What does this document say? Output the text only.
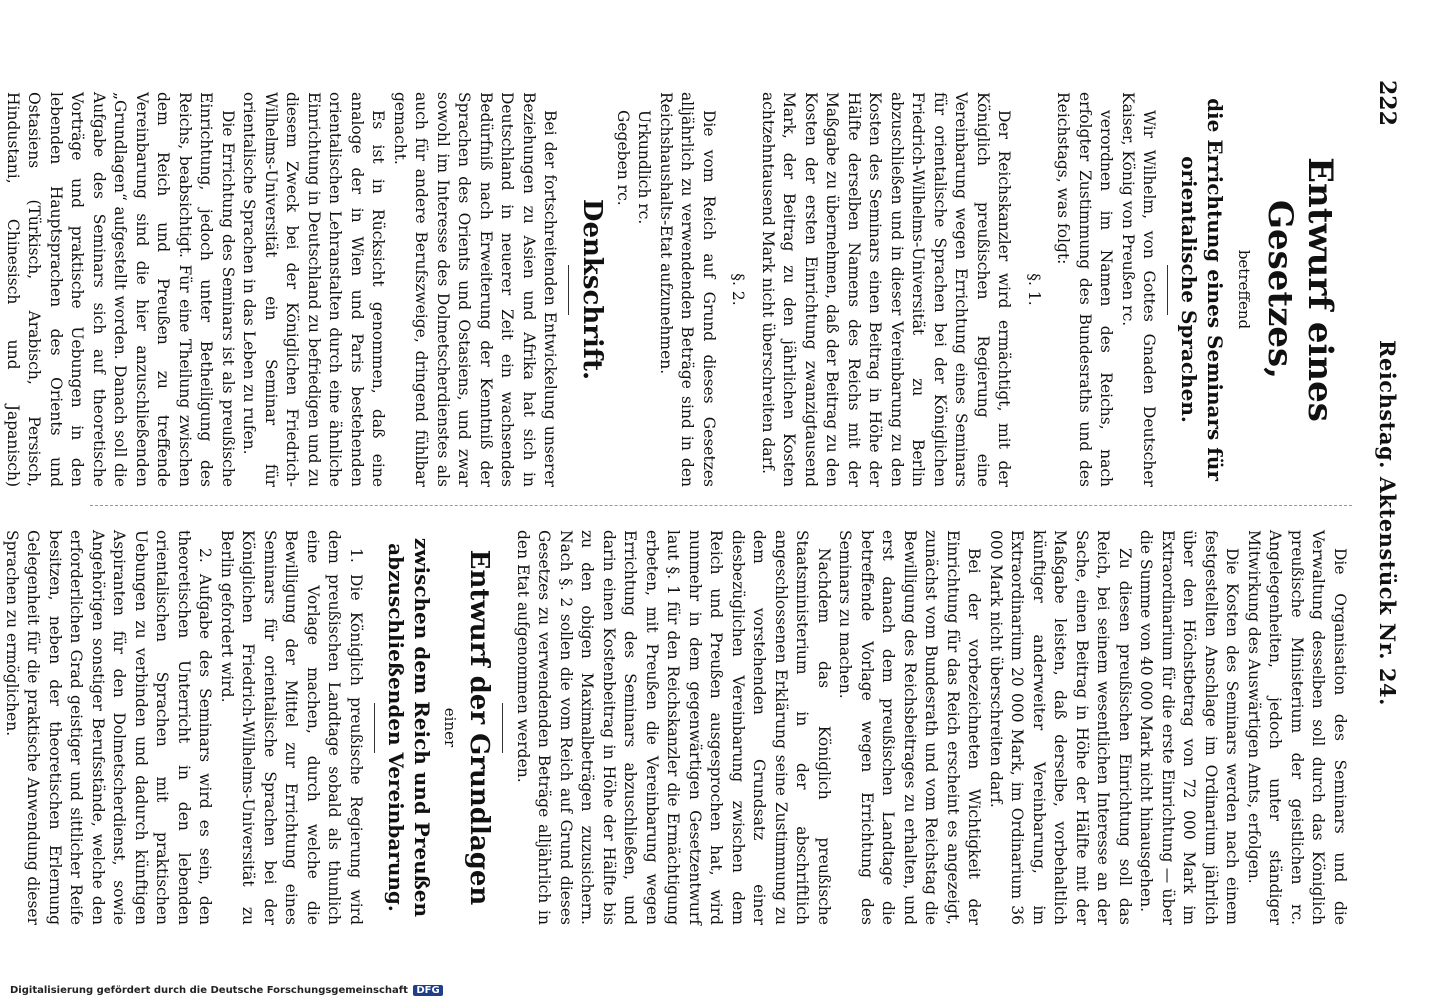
222
Reichstag. Aktenstück Nr. 24.

Entwurf eines Gesetzes,

betreffend

die Errichtung eines Seminars für orientalische Sprachen.

Wir Wilhelm, von Gottes Gnaden Deutscher Kaiser, König von Preußen rc.

verordnen im Namen des Reichs, nach erfolgter Zustimmung des Bundesraths und des Reichstags, was folgt:

§. 1.

Der Reichskanzler wird ermächtigt, mit der Königlich preußischen Regierung eine Vereinbarung wegen Errichtung eines Seminars für orientalische Sprachen bei der Königlichen Friedrich-Wilhelms-Universität zu Berlin abzuschließen und in dieser Vereinbarung zu den Kosten des Seminars einen Beitrag in Höhe der Hälfte derselben Namens des Reichs mit der Maßgabe zu übernehmen, daß der Beitrag zu den Kosten der ersten Einrichtung zwanzigtausend Mark, der Beitrag zu den jährlichen Kosten achtzehntausend Mark nicht überschreiten darf.

§. 2.

Die vom Reich auf Grund dieses Gesetzes alljährlich zu verwendenden Beträge sind in den Reichshaushalts-Etat aufzunehmen.

Urkundlich rc.

Gegeben rc.

Denkschrift.

Bei der fortschreitenden Entwickelung unserer Beziehungen zu Asien und Afrika hat sich in Deutschland in neuerer Zeit ein wachsendes Bedürfniß nach Erweiterung der Kenntniß der Sprachen des Orients und Ostasiens, und zwar sowohl im Interesse des Dolmetscherdienstes als auch für andere Berufszweige, dringend fühlbar gemacht.

Es ist in Rücksicht genommen, daß eine analoge der in Wien und Paris bestehenden orientalischen Lehranstalten durch eine ähnliche Einrichtung in Deutschland zu befriedigen und zu diesem Zweck bei der Königlichen Friedrich-Wilhelms-Universität ein Seminar für orientalische Sprachen in das Leben zu rufen.

Die Errichtung des Seminars ist als preußische Einrichtung, jedoch unter Betheiligung des Reichs, beabsichtigt. Für eine Theilung zwischen dem Reich und Preußen zu treffende Vereinbarung sind die hier anzuschließenden „Grundlagen“ aufgestellt worden. Danach soll die Aufgabe des Seminars sich auf theoretische Vorträge und praktische Uebungen in den lebenden Hauptsprachen des Orients und Ostasiens (Türkisch, Arabisch, Persisch, Hindustani, Chinesisch und Japanisch)

Die Organisation des Seminars und die Verwaltung desselben soll durch das Königlich preußische Ministerium der geistlichen rc. Angelegenheiten, jedoch unter ständiger Mitwirkung des Auswärtigen Amts, erfolgen.

Die Kosten des Seminars werden nach einem festgestellten Anschlage im Ordinarium jährlich über den Höchstbetrag von 72 000 Mark im Extraordinarium für die erste Einrichtung — über die Summe von 40 000 Mark nicht hinausgehen.

Zu diesen preußischen Einrichtung soll das Reich, bei seinem wesentlichen Interesse an der Sache, einen Beitrag in Höhe der Hälfte mit der Maßgabe leisten, daß derselbe, vorbehaltlich künftiger anderweiter Vereinbarung, im Extraordinarium 20 000 Mark, im Ordinarium 36 000 Mark nicht überschreiten darf.

Bei der vorbezeichneten Wichtigkeit der Einrichtung für das Reich erscheint es angezeigt, zunächst vom Bundesrath und vom Reichstag die Bewilligung des Reichsbeitrages zu erhalten, und erst danach dem preußischen Landtage die betreffende Vorlage wegen Errichtung des Seminars zu machen.

Nachdem das Königlich preußische Staatsministerium in der abschriftlich angeschlossenen Erklärung seine Zustimmung zu dem vorstehenden Grundsatz einer diesbezüglichen Vereinbarung zwischen dem Reich und Preußen ausgesprochen hat, wird nunmehr in dem gegenwärtigen Gesetzentwurf laut §. 1 für den Reichskanzler die Ermächtigung erbeten, mit Preußen die Vereinbarung wegen Errichtung des Seminars abzuschließen, und darin einen Kostenbeitrag in Höhe der Hälfte bis zu den obigen Maximalbeträgen zuzusichern. Nach §. 2 sollen die vom Reich auf Grund dieses Gesetzes zu verwendenden Beträge alljährlich in den Etat aufgenommen werden.

Entwurf der Grundlagen

einer

zwischen dem Reich und Preußen abzuschließenden Vereinbarung.

1. Die Königlich preußische Regierung wird dem preußischen Landtage sobald als thunlich eine Vorlage machen, durch welche die Bewilligung der Mittel zur Errichtung eines Seminars für orientalische Sprachen bei der Königlichen Friedrich-Wilhelms-Universität zu Berlin gefordert wird.

2. Aufgabe des Seminars wird es sein, den theoretischen Unterricht in den lebenden orientalischen Sprachen mit praktischen Uebungen zu verbinden und dadurch künftigen Aspiranten für den Dolmetscherdienst, sowie Angehörigen sonstiger Berufsstände, welche den erforderlichen Grad geistiger und sittlicher Reife besitzen, neben der theoretischen Erlernung Gelegenheit für die praktische Anwendung dieser Sprachen zu ermöglichen.

Digitalisierung gefördert durch die Deutsche Forschungsgemeinschaft DFG
